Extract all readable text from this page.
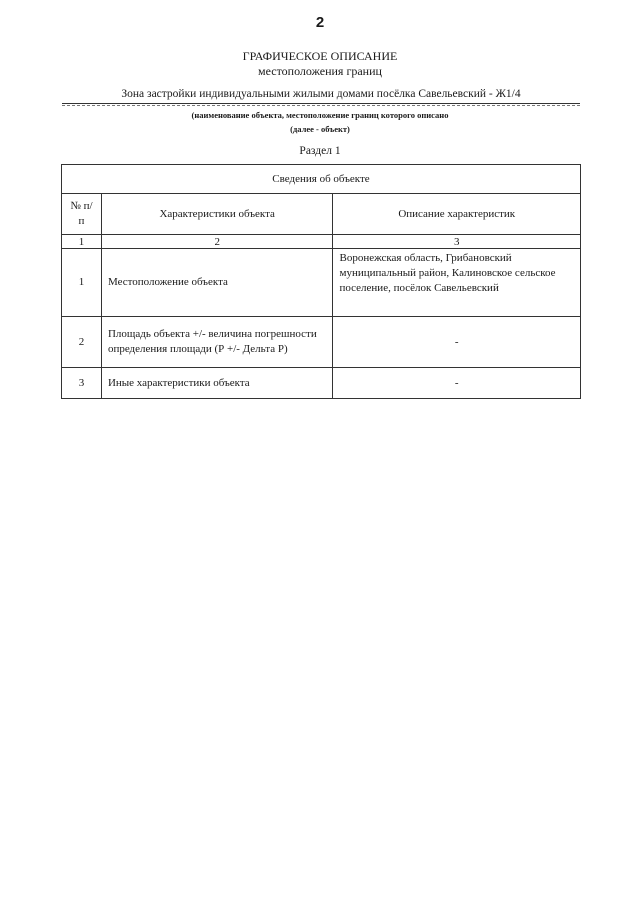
2
ГРАФИЧЕСКОЕ ОПИСАНИЕ
местоположения границ
Зона застройки индивидуальными жилыми домами посёлка Савельевский - Ж1/4
(наименование объекта, местоположение границ которого описано
(далее - объект)
Раздел 1
Сведения об объекте		
№ п/п	Характеристики объекта	Описание характеристик
1	2	3
1	Местоположение объекта	Воронежская область, Грибановский муниципальный район, Калиновское сельское поселение, посёлок Савельевский
2	Площадь объекта +/- величина погрешности определения площади (Р +/- Дельта Р)	-
3	Иные характеристики объекта	-
